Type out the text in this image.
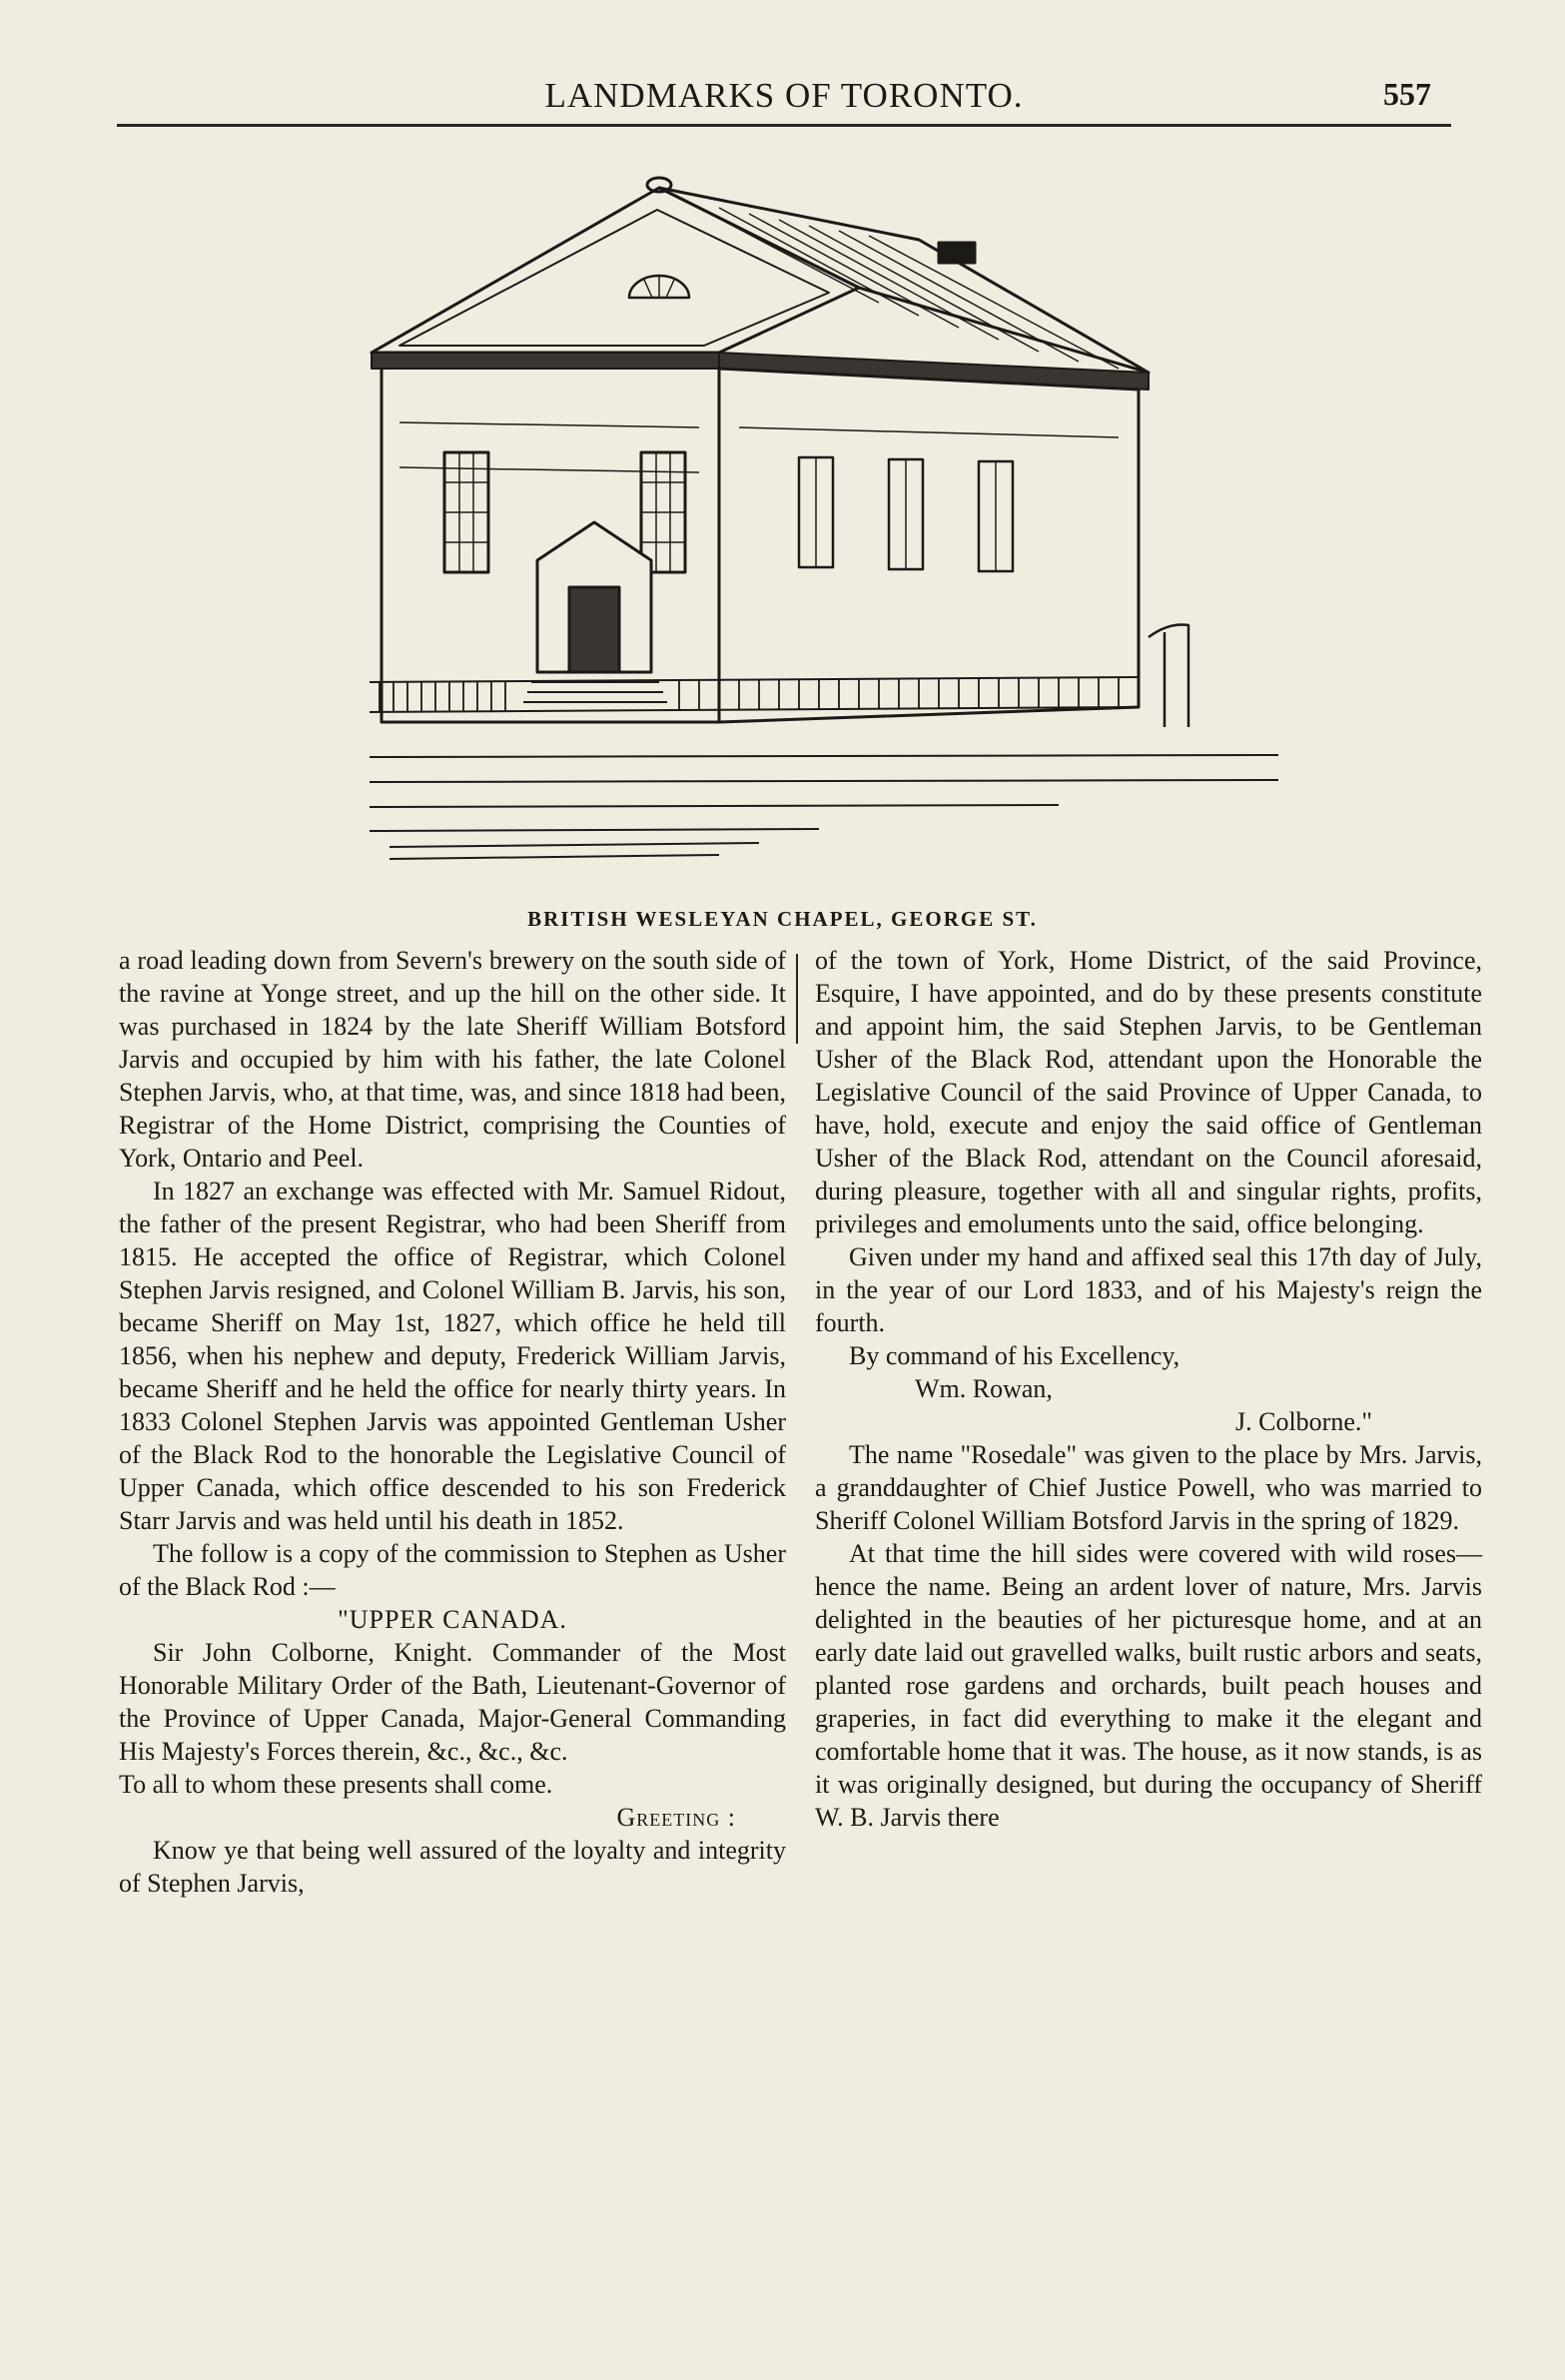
LANDMARKS OF TORONTO.	557
BRITISH WESLEYAN CHAPEL, GEORGE ST.

a road leading down from Severn's brewery on the south side of the ravine at Yonge street, and up the hill on the other side. It was purchased in 1824 by the late Sheriff William Botsford Jarvis and occupied by him with his father, the late Colonel Stephen Jarvis, who, at that time, was, and since 1818 had been, Registrar of the Home District, comprising the Counties of York, Ontario and Peel.

In 1827 an exchange was effected with Mr. Samuel Ridout, the father of the present Registrar, who had been Sheriff from 1815. He accepted the office of Registrar, which Colonel Stephen Jarvis resigned, and Colonel William B. Jarvis, his son, became Sheriff on May 1st, 1827, which office he held till 1856, when his nephew and deputy, Frederick William Jarvis, became Sheriff and he held the office for nearly thirty years. In 1833 Colonel Stephen Jarvis was appointed Gentleman Usher of the Black Rod to the honorable the Legislative Council of Upper Canada, which office descended to his son Frederick Starr Jarvis and was held until his death in 1852.

The follow is a copy of the commission to Stephen as Usher of the Black Rod :—

"UPPER CANADA.

Sir John Colborne, Knight. Commander of the Most Honorable Military Order of the Bath, Lieutenant-Governor of the Province of Upper Canada, Major-General Commanding His Majesty's Forces therein, &c., &c., &c.

To all to whom these presents shall come.

Greeting :

Know ye that being well assured of the loyalty and integrity of Stephen Jarvis,

of the town of York, Home District, of the said Province, Esquire, I have appointed, and do by these presents constitute and appoint him, the said Stephen Jarvis, to be Gentleman Usher of the Black Rod, attendant upon the Honorable the Legislative Council of the said Province of Upper Canada, to have, hold, execute and enjoy the said office of Gentleman Usher of the Black Rod, attendant on the Council aforesaid, during pleasure, together with all and singular rights, profits, privileges and emoluments unto the said, office belonging.

Given under my hand and affixed seal this 17th day of July, in the year of our Lord 1833, and of his Majesty's reign the fourth.

By command of his Excellency,

Wm. Rowan,

J. Colborne."

The name "Rosedale" was given to the place by Mrs. Jarvis, a granddaughter of Chief Justice Powell, who was married to Sheriff Colonel William Botsford Jarvis in the spring of 1829.

At that time the hill sides were covered with wild roses—hence the name. Being an ardent lover of nature, Mrs. Jarvis delighted in the beauties of her picturesque home, and at an early date laid out gravelled walks, built rustic arbors and seats, planted rose gardens and orchards, built peach houses and graperies, in fact did everything to make it the elegant and comfortable home that it was. The house, as it now stands, is as it was originally designed, but during the occupancy of Sheriff W. B. Jarvis there
